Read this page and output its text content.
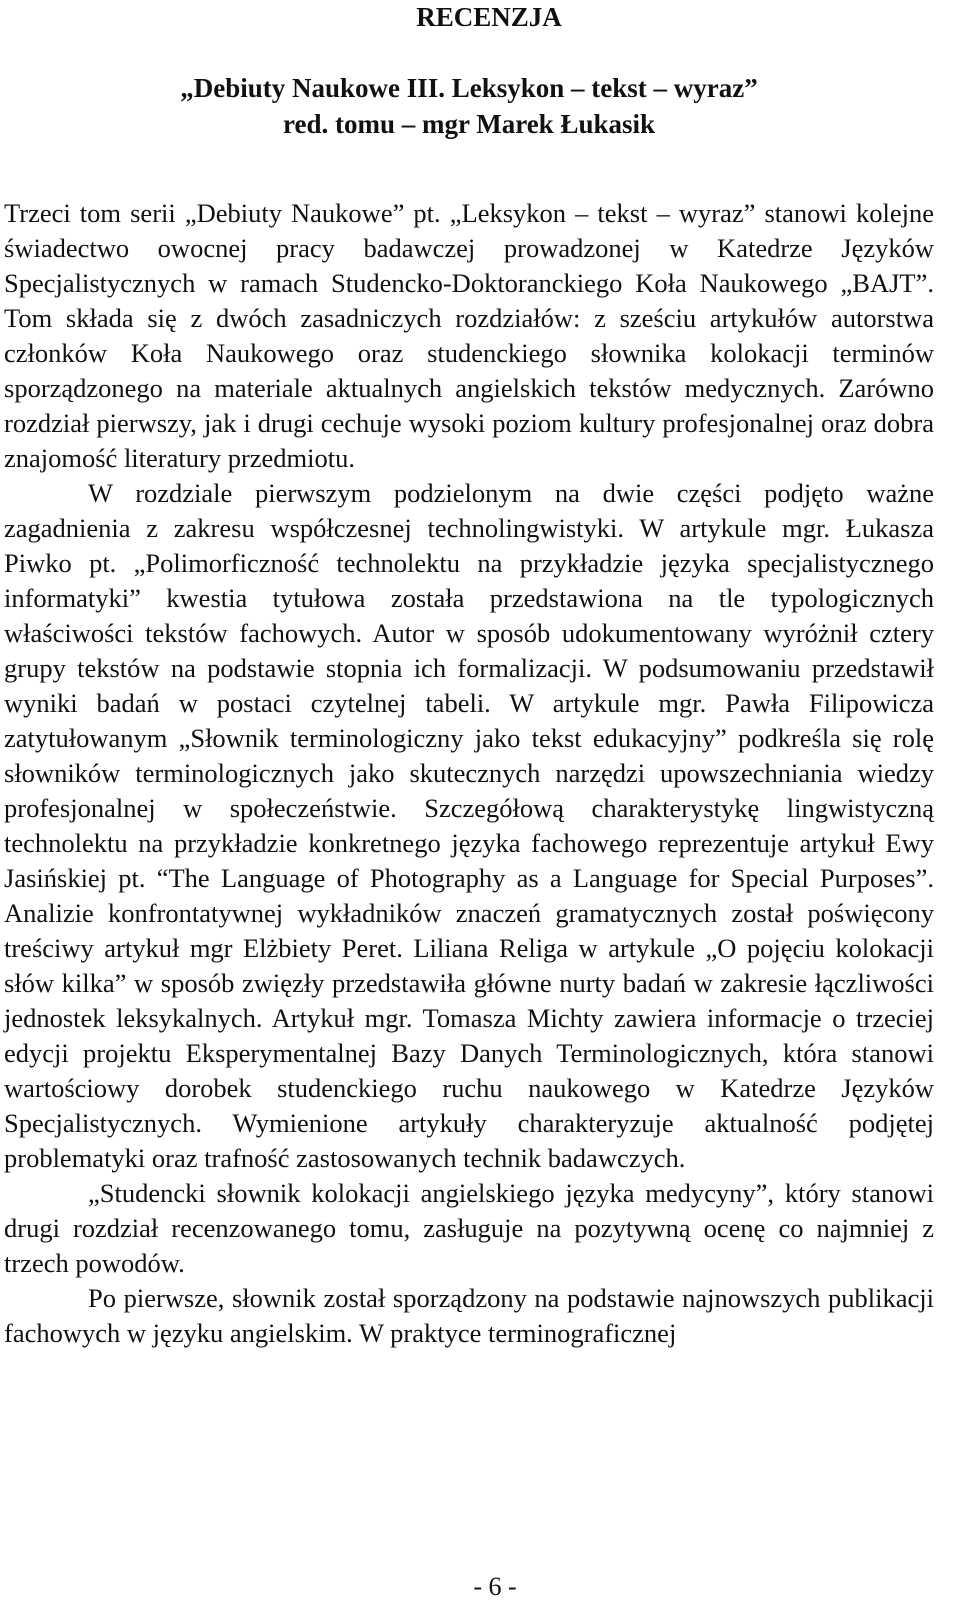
RECENZJA

„Debiuty Naukowe III. Leksykon – tekst – wyraz”

red. tomu – mgr Marek Łukasik

Trzeci tom serii „Debiuty Naukowe” pt. „Leksykon – tekst – wyraz” stanowi kolejne świadectwo owocnej pracy badawczej prowadzonej w Katedrze Języków Specjalistycznych w ramach Studencko-Doktoranckiego Koła Naukowego „BAJT”. Tom składa się z dwóch zasadniczych rozdziałów: z sześciu artykułów autorstwa członków Koła Naukowego oraz studenckiego słownika kolokacji terminów sporządzonego na materiale aktualnych angielskich tekstów medycznych. Zarówno rozdział pierwszy, jak i drugi cechuje wysoki poziom kultury profesjonalnej oraz dobra znajomość literatury przedmiotu.

W rozdziale pierwszym podzielonym na dwie części podjęto ważne zagadnienia z zakresu współczesnej technolingwistyki. W artykule mgr. Łukasza Piwko pt. „Polimorficzność technolektu na przykładzie języka specjalistycznego informatyki” kwestia tytułowa została przedstawiona na tle typologicznych właściwości tekstów fachowych. Autor w sposób udokumentowany wyróżnił cztery grupy tekstów na podstawie stopnia ich formalizacji. W podsumowaniu przedstawił wyniki badań w postaci czytelnej tabeli. W artykule mgr. Pawła Filipowicza zatytułowanym „Słownik terminologiczny jako tekst edukacyjny” podkreśla się rolę słowników terminologicznych jako skutecznych narzędzi upowszechniania wiedzy profesjonalnej w społeczeństwie. Szczegółową charakterystykę lingwistyczną technolektu na przykładzie konkretnego języka fachowego reprezentuje artykuł Ewy Jasińskiej pt. “The Language of Photography as a Language for Special Purposes”. Analizie konfrontatywnej wykładników znaczeń gramatycznych został poświęcony treściwy artykuł mgr Elżbiety Peret. Liliana Religa w artykule „O pojęciu kolokacji słów kilka” w sposób zwięzły przedstawiła główne nurty badań w zakresie łączliwości jednostek leksykalnych. Artykuł mgr. Tomasza Michty zawiera informacje o trzeciej edycji projektu Eksperymentalnej Bazy Danych Terminologicznych, która stanowi wartościowy dorobek studenckiego ruchu naukowego w Katedrze Języków Specjalistycznych. Wymienione artykuły charakteryzuje aktualność podjętej problematyki oraz trafność zastosowanych technik badawczych.

„Studencki słownik kolokacji angielskiego języka medycyny”, który stanowi drugi rozdział recenzowanego tomu, zasługuje na pozytywną ocenę co najmniej z trzech powodów.

Po pierwsze, słownik został sporządzony na podstawie najnowszych publikacji fachowych w języku angielskim. W praktyce terminograficznej

- 6 -
